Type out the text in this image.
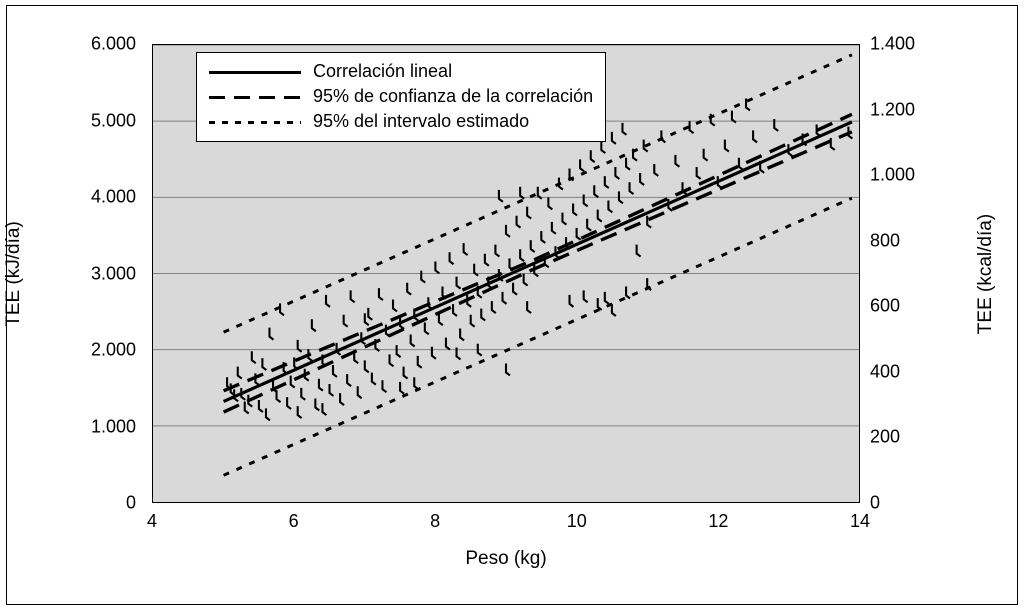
TEE (kJ/día)	TEE (kcal/día)
Peso (kg)
0
1.000
2.000
3.000
4.000
5.000
6.000
0
200
400
600
800
1.000
1.200
1.400
4	6	8	10	12	14
Correlación lineal
95% de confianza de la correlación
95% del intervalo estimado
